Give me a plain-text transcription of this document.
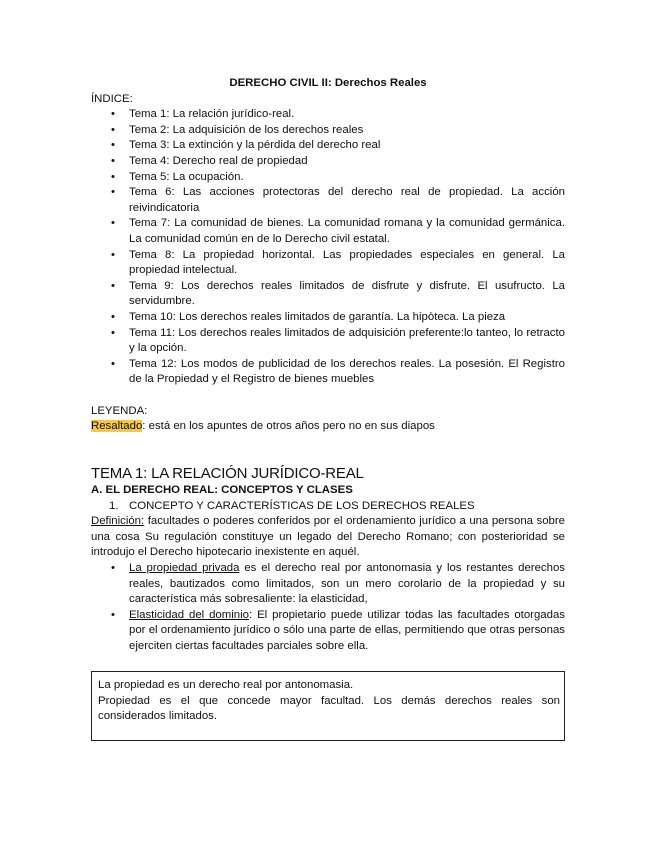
DERECHO CIVIL II: Derechos Reales
ÍNDICE:
• Tema 1: La relación jurídico-real.
• Tema 2: La adquisición de los derechos reales
• Tema 3: La extinción y la pérdida del derecho real
• Tema 4: Derecho real de propiedad
• Tema 5: La ocupación.
• Tema 6: Las acciones protectoras del derecho real de propiedad. La acción reivindicatoria
• Tema 7: La comunidad de bienes. La comunidad romana y la comunidad germánica. La comunidad común en de lo Derecho civil estatal.
• Tema 8: La propiedad horizontal. Las propiedades especiales en general. La propiedad intelectual.
• Tema 9: Los derechos reales limitados de disfrute y disfrute. El usufructo. La servidumbre.
• Tema 10: Los derechos reales limitados de garantía. La hipòteca. La pieza
• Tema 11: Los derechos reales limitados de adquisición preferente:lo tanteo, lo retracto y la opción.
• Tema 12: Los modos de publicidad de los derechos reales. La posesión. El Registro de la Propiedad y el Registro de bienes muebles
LEYENDA:
Resaltado: está en los apuntes de otros años pero no en sus diapos
TEMA 1: LA RELACIÓN JURÍDICO-REAL
A. EL DERECHO REAL: CONCEPTOS Y CLASES
1. CONCEPTO Y CARACTERÍSTICAS DE LOS DERECHOS REALES
Definición: facultades o poderes conferidos por el ordenamiento jurídico a una persona sobre una cosa Su regulación constituye un legado del Derecho Romano; con posterioridad se introdujo el Derecho hipotecario inexistente en aquél.
• La propiedad privada es el derecho real por antonomasia y los restantes derechos reales, bautizados como limitados, son un mero corolario de la propiedad y su característica más sobresaliente: la elasticidad,
• Elasticidad del dominio: El propietario puede utilizar todas las facultades otorgadas por el ordenamiento jurídico o sólo una parte de ellas, permitiendo que otras personas ejerciten ciertas facultades parciales sobre ella.
La propiedad es un derecho real por antonomasia.
Propiedad es el que concede mayor facultad. Los demás derechos reales son considerados limitados.
